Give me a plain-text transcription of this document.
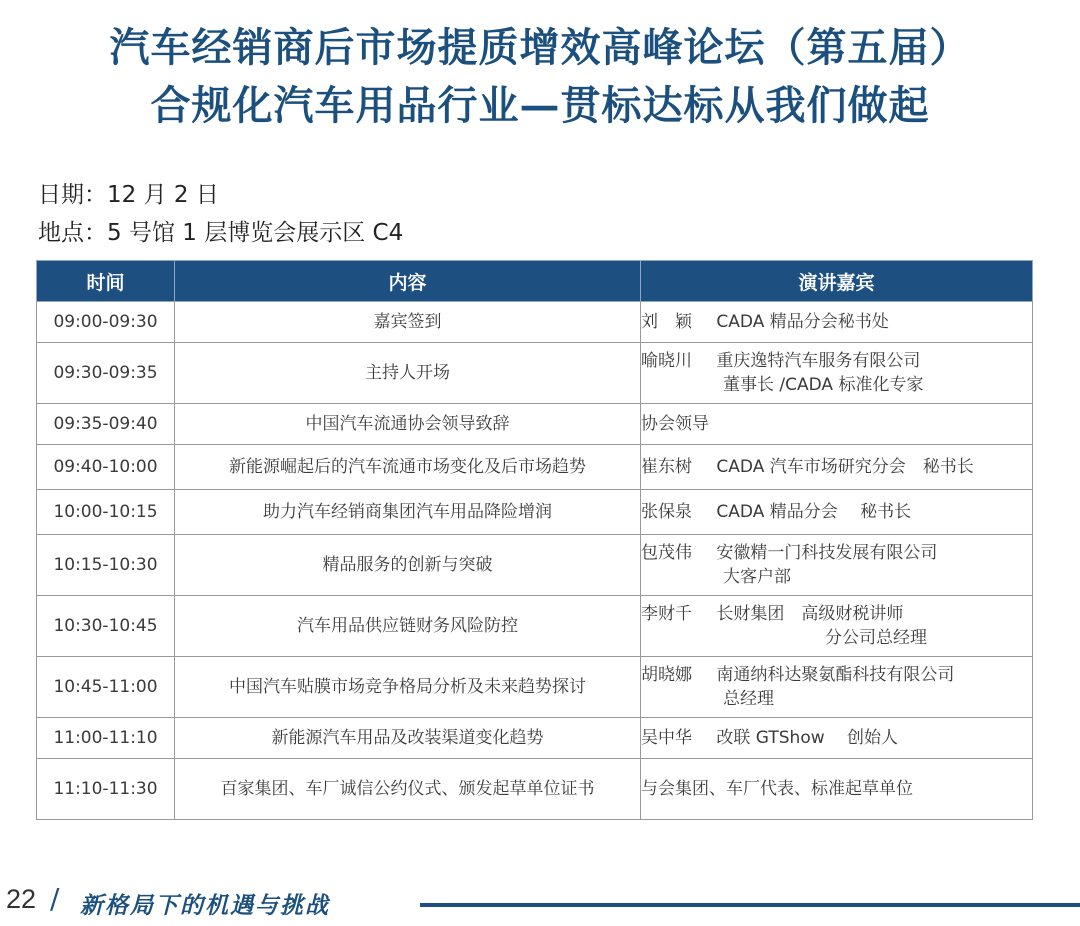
汽车经销商后市场提质增效高峰论坛（第五届）
合规化汽车用品行业—贯标达标从我们做起
日期：12 月 2 日
地点：5 号馆 1 层博览会展示区 C4
时间	内容	演讲嘉宾
09:00-09:30	嘉宾签到	刘　颖 CADA 精品分会秘书处
09:30-09:35	主持人开场	喻晓川 重庆逸特汽车服务有限公司
董事长 /CADA 标准化专家

09:35-09:40	中国汽车流通协会领导致辞	协会领导
09:40-10:00	新能源崛起后的汽车流通市场变化及后市场趋势	崔东树 CADA 汽车市场研究分会　秘书长
10:00-10:15	助力汽车经销商集团汽车用品降险增润	张保泉 CADA 精品分会　 秘书长
10:15-10:30	精品服务的创新与突破	包茂伟 安徽精一门科技发展有限公司
大客户部

10:30-10:45	汽车用品供应链财务风险防控	李财千 长财集团　高级财税讲师
分公司总经理

10:45-11:00	中国汽车贴膜市场竞争格局分析及未来趋势探讨	胡晓娜 南通纳科达聚氨酯科技有限公司
总经理

11:00-11:10	新能源汽车用品及改装渠道变化趋势	吴中华 改联 GTShow　 创始人
11:10-11:30	百家集团、车厂诚信公约仪式、颁发起草单位证书	与会集团、车厂代表、标准起草单位
22 / 新格局下的机遇与挑战
